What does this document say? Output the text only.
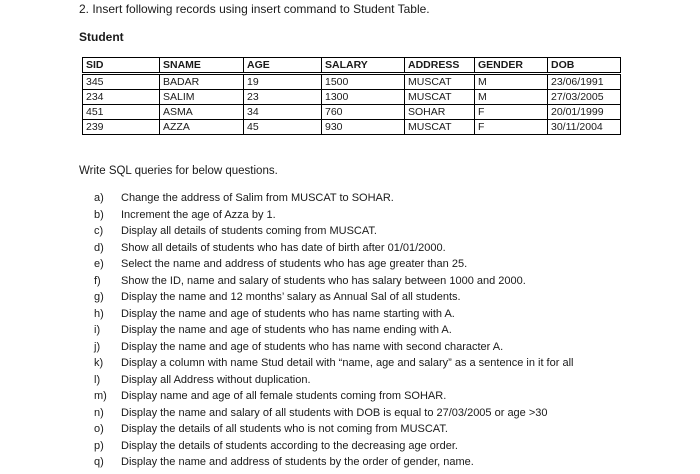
2. Insert following records using insert command to Student Table.
Student
SID	SNAME	AGE	SALARY	ADDRESS	GENDER	DOB
345	BADAR	19	1500	MUSCAT	M	23/06/1991
234	SALIM	23	1300	MUSCAT	M	27/03/2005
451	ASMA	34	760	SOHAR	F	20/01/1999
239	AZZA	45	930	MUSCAT	F	30/11/2004
Write SQL queries for below questions.
a) Change the address of Salim from MUSCAT to SOHAR.
b) Increment the age of Azza by 1.
c) Display all details of students coming from MUSCAT.
d) Show all details of students who has date of birth after 01/01/2000.
e) Select the name and address of students who has age greater than 25.
f) Show the ID, name and salary of students who has salary between 1000 and 2000.
g) Display the name and 12 months’ salary as Annual Sal of all students.
h) Display the name and age of students who has name starting with A.
i) Display the name and age of students who has name ending with A.
j) Display the name and age of students who has name with second character A.
k) Display a column with name Stud detail with “name, age and salary” as a sentence in it for all
l) Display all Address without duplication.
m) Display name and age of all female students coming from SOHAR.
n) Display the name and salary of all students with DOB is equal to 27/03/2005 or age >30
o) Display the details of all students who is not coming from MUSCAT.
p) Display the details of students according to the decreasing age order.
q) Display the name and address of students by the order of gender, name.
